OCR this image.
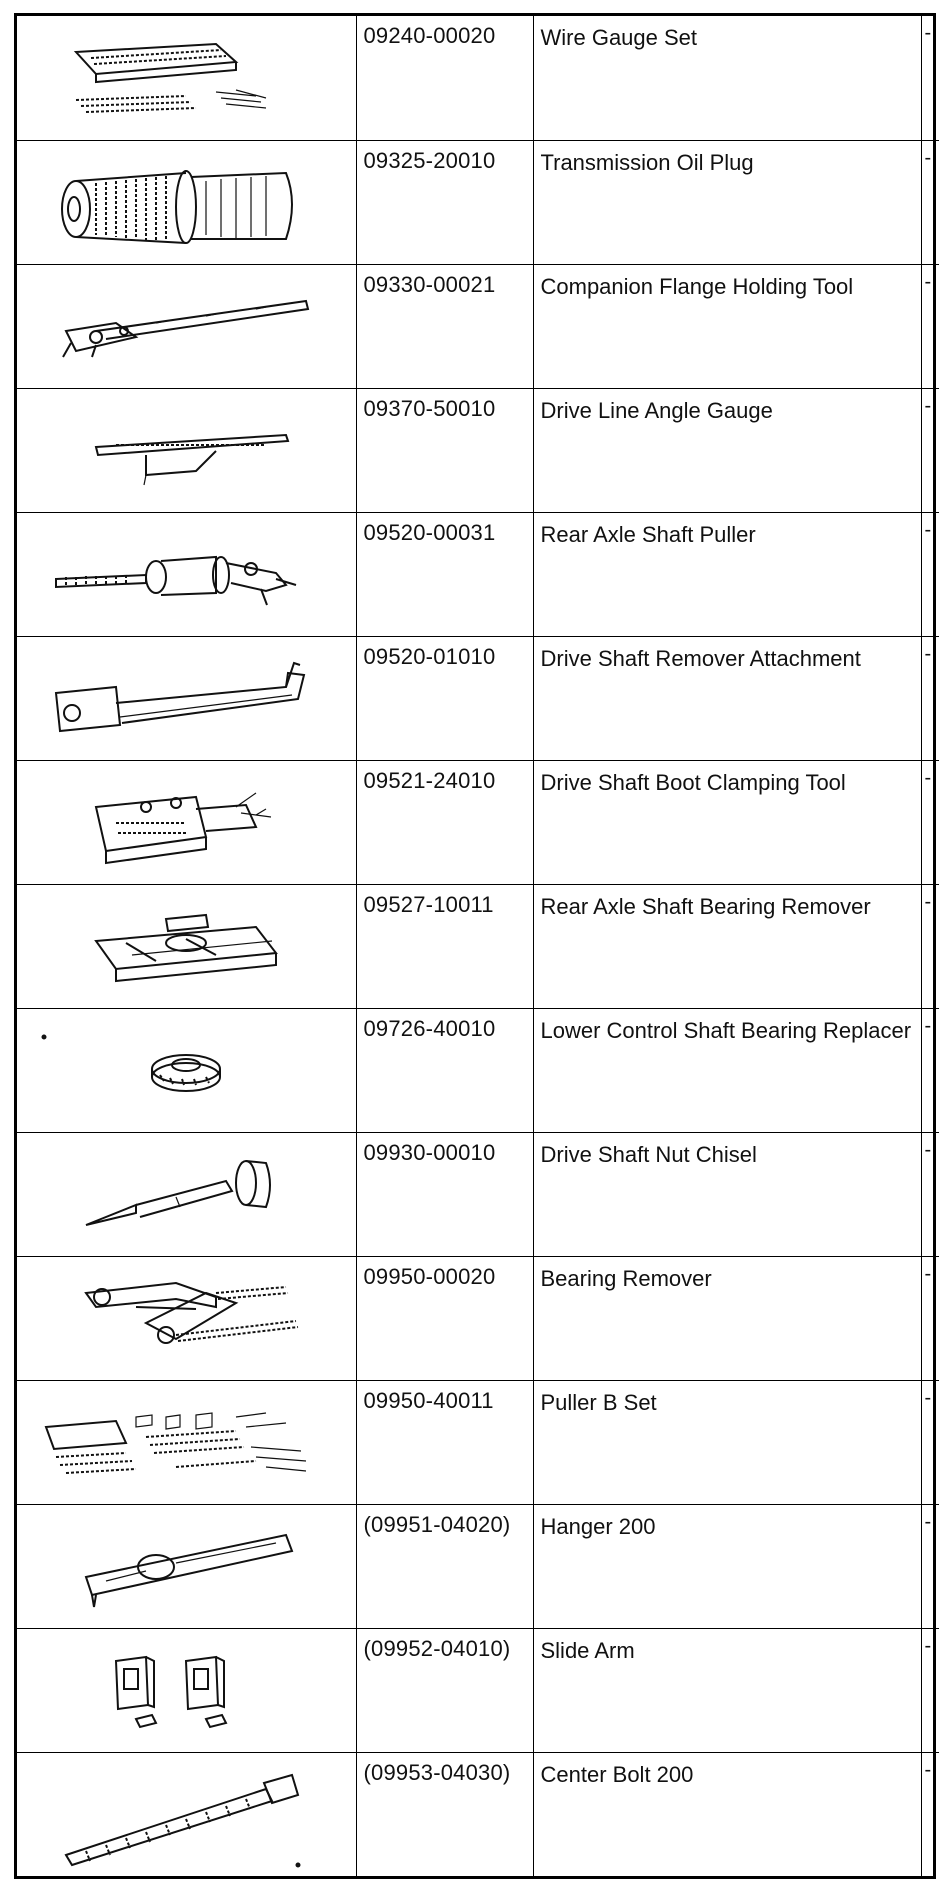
	09240-00020	Wire Gauge Set	-

	09325-20010	Transmission Oil Plug	-

	09330-00021	Companion Flange Holding Tool	-

	09370-50010	Drive Line Angle Gauge	-

	09520-00031	Rear Axle Shaft Puller	-

	09520-01010	Drive Shaft Remover Attachment	-

	09521-24010	Drive Shaft Boot Clamping Tool	-

	09527-10011	Rear Axle Shaft Bearing Remover	-

	09726-40010	Lower Control Shaft Bearing Replacer	-

	09930-00010	Drive Shaft Nut Chisel	-

	09950-00020	Bearing Remover	-

	09950-40011	Puller B Set	-

	(09951-04020)	Hanger 200	-

	(09952-04010)	Slide Arm	-

	(09953-04030)	Center Bolt 200	-
